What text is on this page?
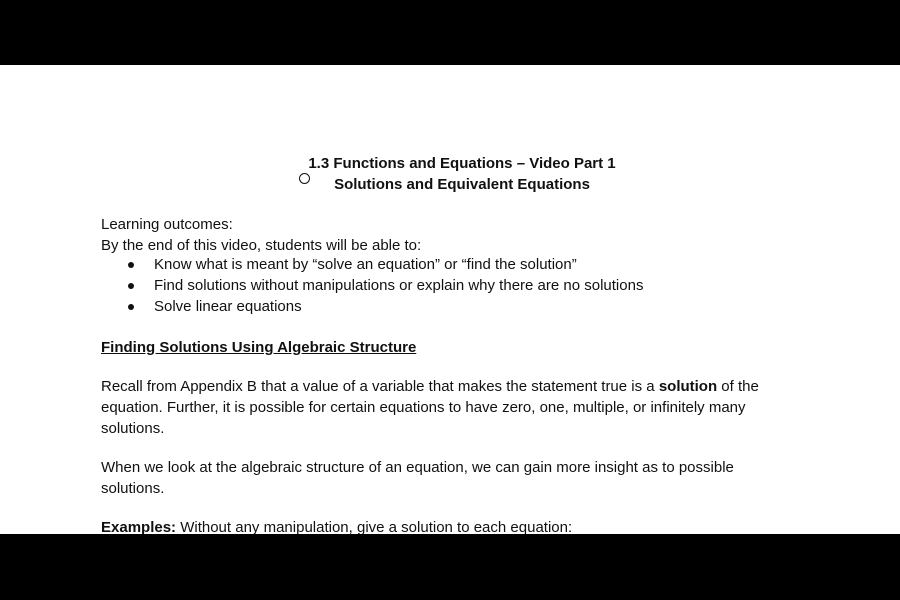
1.3 Functions and Equations – Video Part 1
Solutions and Equivalent Equations
Learning outcomes:
By the end of this video, students will be able to:
Know what is meant by “solve an equation” or “find the solution”
Find solutions without manipulations or explain why there are no solutions
Solve linear equations
Finding Solutions Using Algebraic Structure
Recall from Appendix B that a value of a variable that makes the statement true is a solution of the equation. Further, it is possible for certain equations to have zero, one, multiple, or infinitely many solutions.
When we look at the algebraic structure of an equation, we can gain more insight as to possible solutions.
Examples: Without any manipulation, give a solution to each equation:
